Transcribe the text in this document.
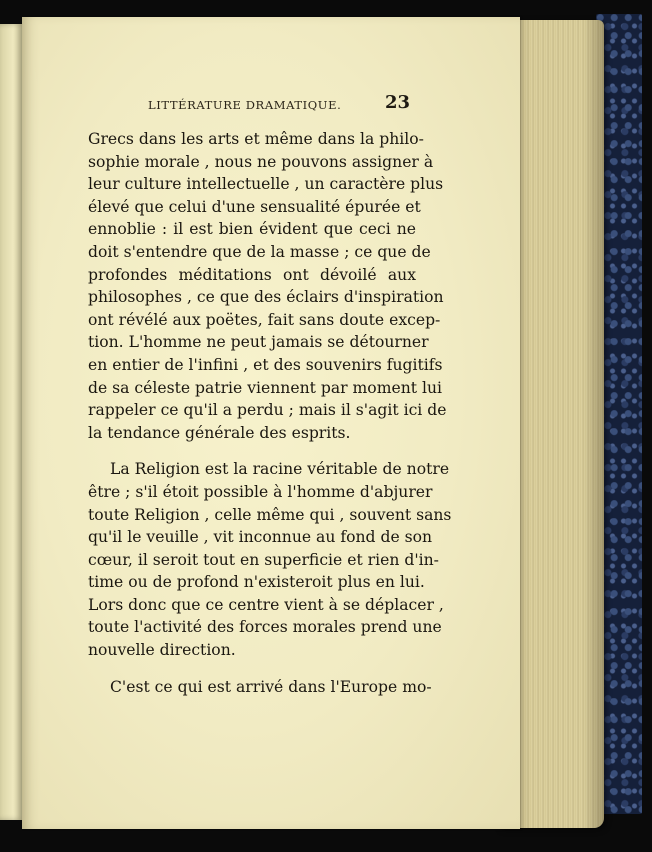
LITTÉRATURE DRAMATIQUE. 23
Grecs dans les arts et même dans la philo-
sophie morale , nous ne pouvons assigner à
leur culture intellectuelle , un caractère plus
élevé que celui d'une sensualité épurée et
ennoblie : il est bien évident que ceci ne
doit s'entendre que de la masse ; ce que de
profondes méditations ont dévoilé aux
philosophes , ce que des éclairs d'inspiration
ont révélé aux poëtes, fait sans doute excep-
tion. L'homme ne peut jamais se détourner
en entier de l'infini , et des souvenirs fugitifs
de sa céleste patrie viennent par moment lui
rappeler ce qu'il a perdu ; mais il s'agit ici de
la tendance générale des esprits.
La Religion est la racine véritable de notre
être ; s'il étoit possible à l'homme d'abjurer
toute Religion , celle même qui , souvent sans
qu'il le veuille , vit inconnue au fond de son
cœur, il seroit tout en superficie et rien d'in-
time ou de profond n'existeroit plus en lui.
Lors donc que ce centre vient à se déplacer ,
toute l'activité des forces morales prend une
nouvelle direction.
C'est ce qui est arrivé dans l'Europe mo-
